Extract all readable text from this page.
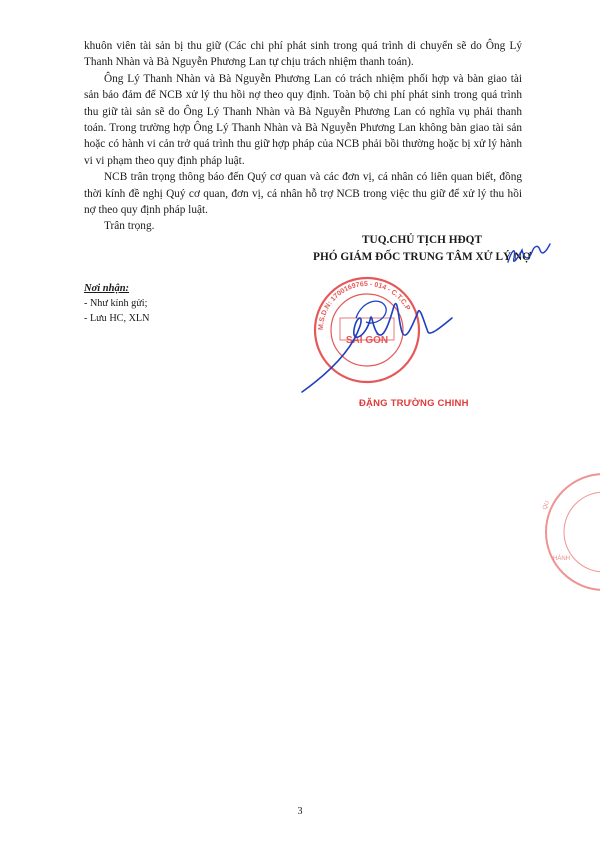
khuôn viên tài sản bị thu giữ (Các chi phí phát sinh trong quá trình di chuyển sẽ do Ông Lý Thanh Nhàn và Bà Nguyễn Phương Lan tự chịu trách nhiệm thanh toán).

Ông Lý Thanh Nhàn và Bà Nguyễn Phương Lan có trách nhiệm phối hợp và bàn giao tài sản bảo đảm để NCB xử lý thu hồi nợ theo quy định. Toàn bộ chi phí phát sinh trong quá trình thu giữ tài sản sẽ do Ông Lý Thanh Nhàn và Bà Nguyễn Phương Lan có nghĩa vụ phải thanh toán. Trong trường hợp Ông Lý Thanh Nhàn và Bà Nguyễn Phương Lan không bàn giao tài sản hoặc có hành vi cản trở quá trình thu giữ hợp pháp của NCB phải bồi thường hoặc bị xử lý hành vi vi phạm theo quy định pháp luật.

NCB trân trọng thông báo đến Quý cơ quan và các đơn vị, cá nhân có liên quan biết, đồng thời kính đề nghị Quý cơ quan, đơn vị, cá nhân hỗ trợ NCB trong việc thu giữ để xử lý thu hồi nợ theo quy định pháp luật.

Trân trọng.

TUQ.CHỦ TỊCH HĐQT
PHÓ GIÁM ĐỐC TRUNG TÂM XỬ LÝ NỢ
Nơi nhận:
- Như kính gửi;
- Lưu HC, XLN
M.S.D.N: 1700169765 - 014 - C.T.C.P
SÀI GÒN
QU
HÀNH
ĐẶNG TRƯỜNG CHINH
3
